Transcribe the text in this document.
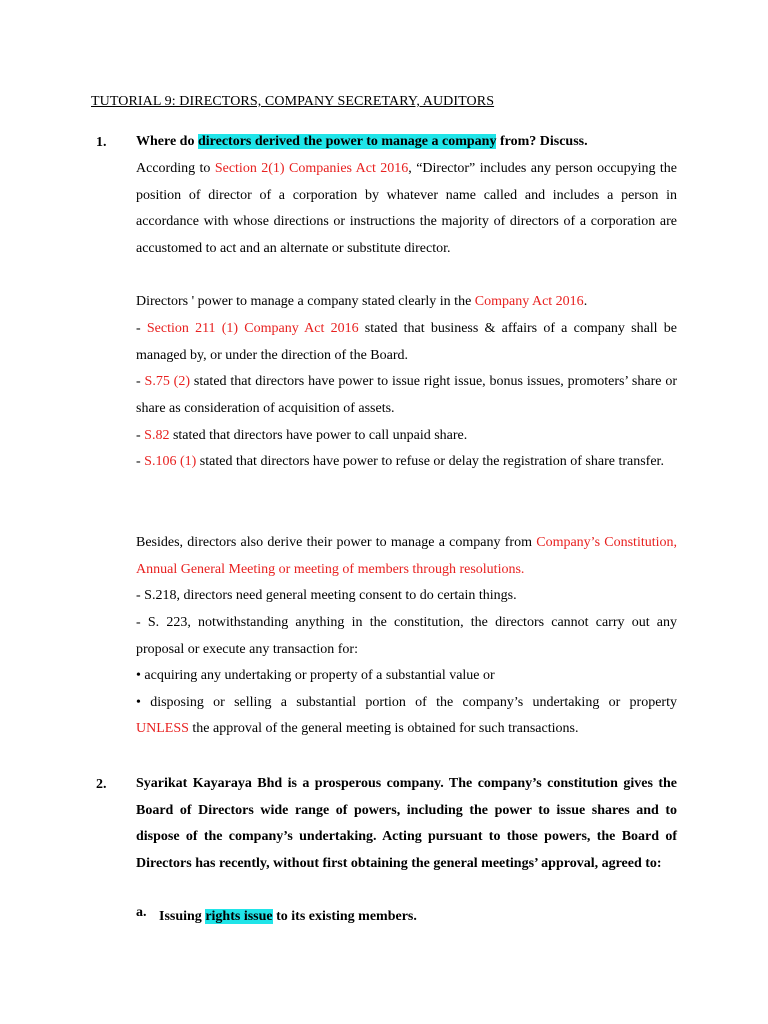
TUTORIAL 9: DIRECTORS, COMPANY SECRETARY, AUDITORS
1. Where do directors derived the power to manage a company from? Discuss.
According to Section 2(1) Companies Act 2016, “Director” includes any person occupying the position of director of a corporation by whatever name called and includes a person in accordance with whose directions or instructions the majority of directors of a corporation are accustomed to act and an alternate or substitute director.
Directors ' power to manage a company stated clearly in the Company Act 2016.
- Section 211 (1) Company Act 2016 stated that business & affairs of a company shall be managed by, or under the direction of the Board.
- S.75 (2) stated that directors have power to issue right issue, bonus issues, promoters’ share or share as consideration of acquisition of assets.
- S.82 stated that directors have power to call unpaid share.
- S.106 (1) stated that directors have power to refuse or delay the registration of share transfer.
Besides, directors also derive their power to manage a company from Company’s Constitution, Annual General Meeting or meeting of members through resolutions.
- S.218, directors need general meeting consent to do certain things.
- S. 223, notwithstanding anything in the constitution, the directors cannot carry out any proposal or execute any transaction for:
• acquiring any undertaking or property of a substantial value or
• disposing or selling a substantial portion of the company’s undertaking or property
UNLESS the approval of the general meeting is obtained for such transactions.
2. Syarikat Kayaraya Bhd is a prosperous company. The company’s constitution gives the Board of Directors wide range of powers, including the power to issue shares and to dispose of the company’s undertaking. Acting pursuant to those powers, the Board of Directors has recently, without first obtaining the general meetings’ approval, agreed to:
a. Issuing rights issue to its existing members.
